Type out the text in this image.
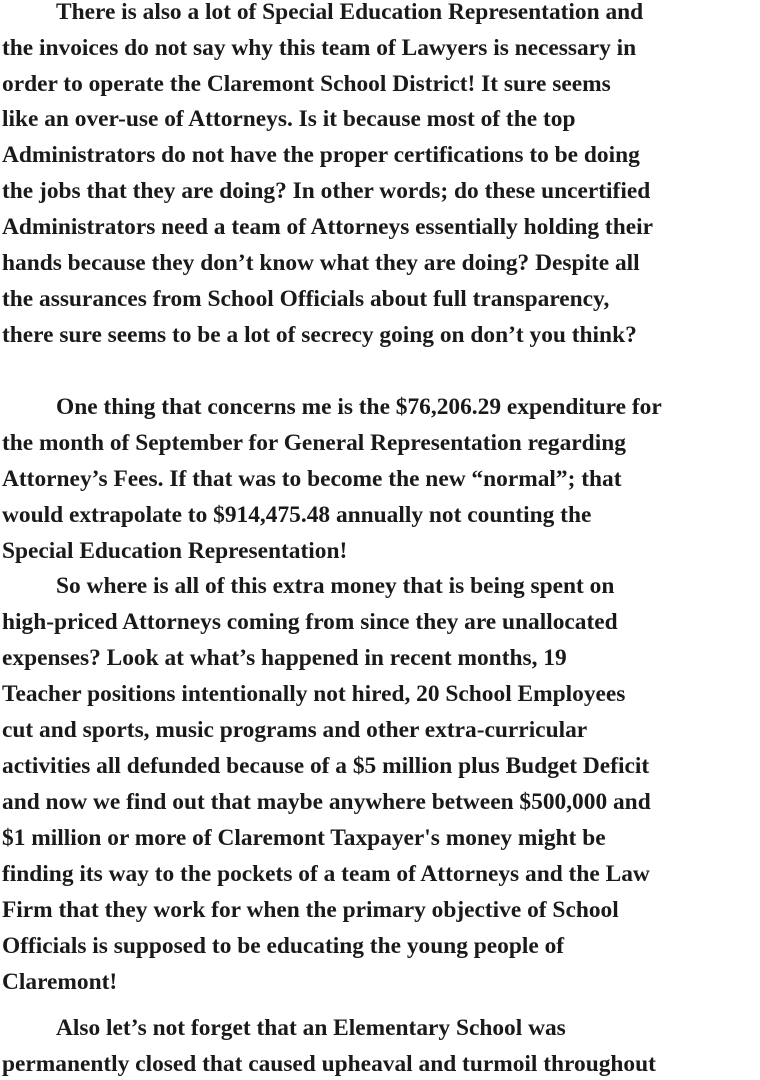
There is also a lot of Special Education Representation and
the invoices do not say why this team of Lawyers is necessary in
order to operate the Claremont School District! It sure seems
like an over-use of Attorneys. Is it because most of the top
Administrators do not have the proper certifications to be doing
the jobs that they are doing? In other words; do these uncertified
Administrators need a team of Attorneys essentially holding their
hands because they don’t know what they are doing? Despite all
the assurances from School Officials about full transparency,
there sure seems to be a lot of secrecy going on don’t you think?
One thing that concerns me is the $76,206.29 expenditure for
the month of September for General Representation regarding
Attorney’s Fees. If that was to become the new “normal”; that
would extrapolate to $914,475.48 annually not counting the
Special Education Representation!
So where is all of this extra money that is being spent on
high-priced Attorneys coming from since they are unallocated
expenses? Look at what’s happened in recent months, 19
Teacher positions intentionally not hired, 20 School Employees
cut and sports, music programs and other extra-curricular
activities all defunded because of a $5 million plus Budget Deficit
and now we find out that maybe anywhere between $500,000 and
$1 million or more of Claremont Taxpayer's money might be
finding its way to the pockets of a team of Attorneys and the Law
Firm that they work for when the primary objective of School
Officials is supposed to be educating the young people of
Claremont!
Also let’s not forget that an Elementary School was
permanently closed that caused upheaval and turmoil throughout
